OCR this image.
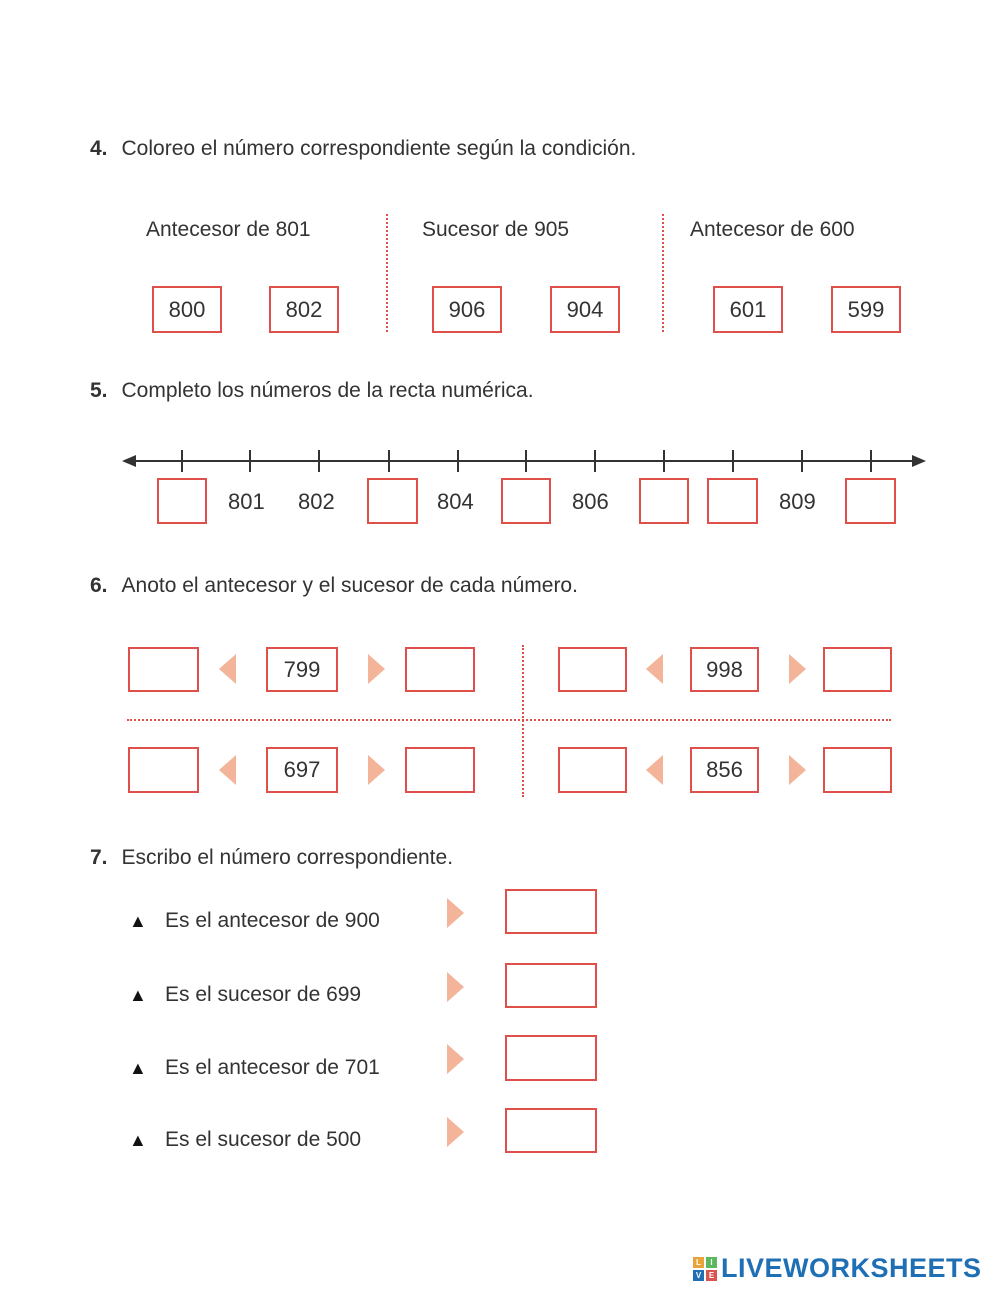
4. Coloreo el número correspondiente según la condición.
Antecesor de 801	Sucesor de 905	Antecesor de 600
800	802	906	904	601	599
5. Completo los números de la recta numérica.
801 802	804	806	809
6. Anoto el antecesor y el sucesor de cada número.
799	998
697	856
7. Escribo el número correspondiente.
▲ Es el antecesor de 900
▲ Es el sucesor de 699
▲ Es el antecesor de 701
▲ Es el sucesor de 500
L	I
V E LIVEWORKSHEETS
